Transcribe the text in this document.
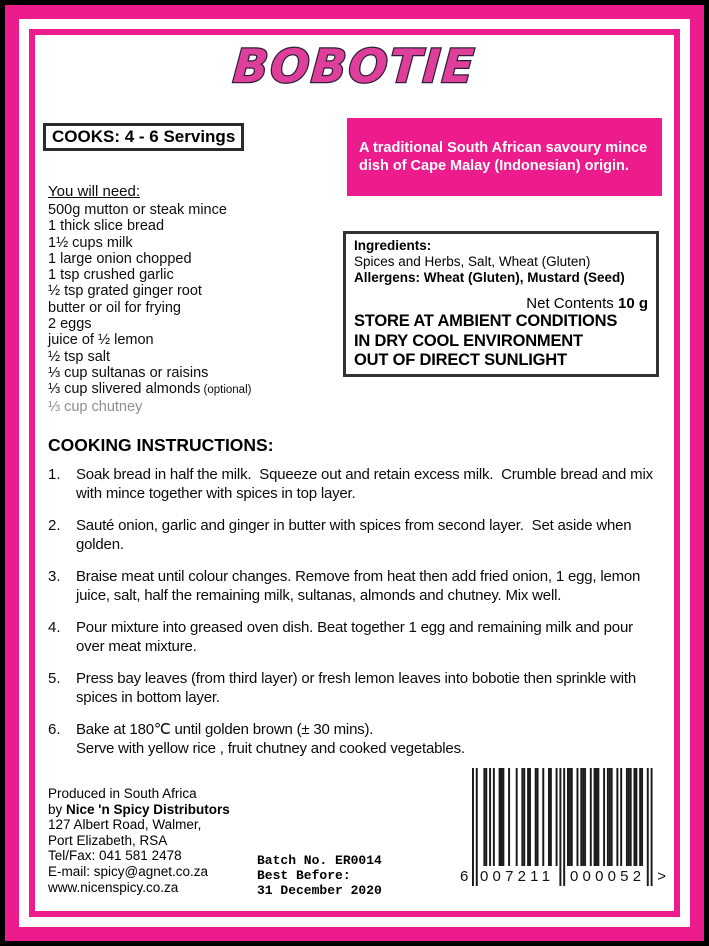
BOBOTIE
COOKS: 4 - 6 Servings
A traditional South African savoury mince dish of Cape Malay (Indonesian) origin.
You will need:
500g mutton or steak mince
1 thick slice bread
1½ cups milk
1 large onion chopped
1 tsp crushed garlic
½ tsp grated ginger root
butter or oil for frying
2 eggs
juice of ½ lemon
½ tsp salt
⅓ cup sultanas or raisins
⅓ cup slivered almonds (optional)
⅓ cup chutney
Ingredients:
Spices and Herbs, Salt, Wheat (Gluten)
Allergens: Wheat (Gluten), Mustard (Seed)
Net Contents 10 g
STORE AT AMBIENT CONDITIONS
IN DRY COOL ENVIRONMENT
OUT OF DIRECT SUNLIGHT
COOKING INSTRUCTIONS:
1. Soak bread in half the milk.  Squeeze out and retain excess milk.  Crumble bread and mix with mince together with spices in top layer.
2. Sauté onion, garlic and ginger in butter with spices from second layer.  Set aside when golden.
3. Braise meat until colour changes. Remove from heat then add fried onion, 1 egg, lemon juice, salt, half the remaining milk, sultanas, almonds and chutney. Mix well.
4. Pour mixture into greased oven dish. Beat together 1 egg and remaining milk and pour over meat mixture.
5. Press bay leaves (from third layer) or fresh lemon leaves into bobotie then sprinkle with spices in bottom layer.
6. Bake at 180℃ until golden brown (± 30 mins).
Serve with yellow rice , fruit chutney and cooked vegetables.
Produced in South Africa
by Nice 'n Spicy Distributors
127 Albert Road, Walmer,
Port Elizabeth, RSA
Tel/Fax: 041 581 2478
E-mail: spicy@agnet.co.za
www.nicenspicy.co.za
Batch No. ER0014
Best Before:
31 December 2020
6 007211 000052 >
